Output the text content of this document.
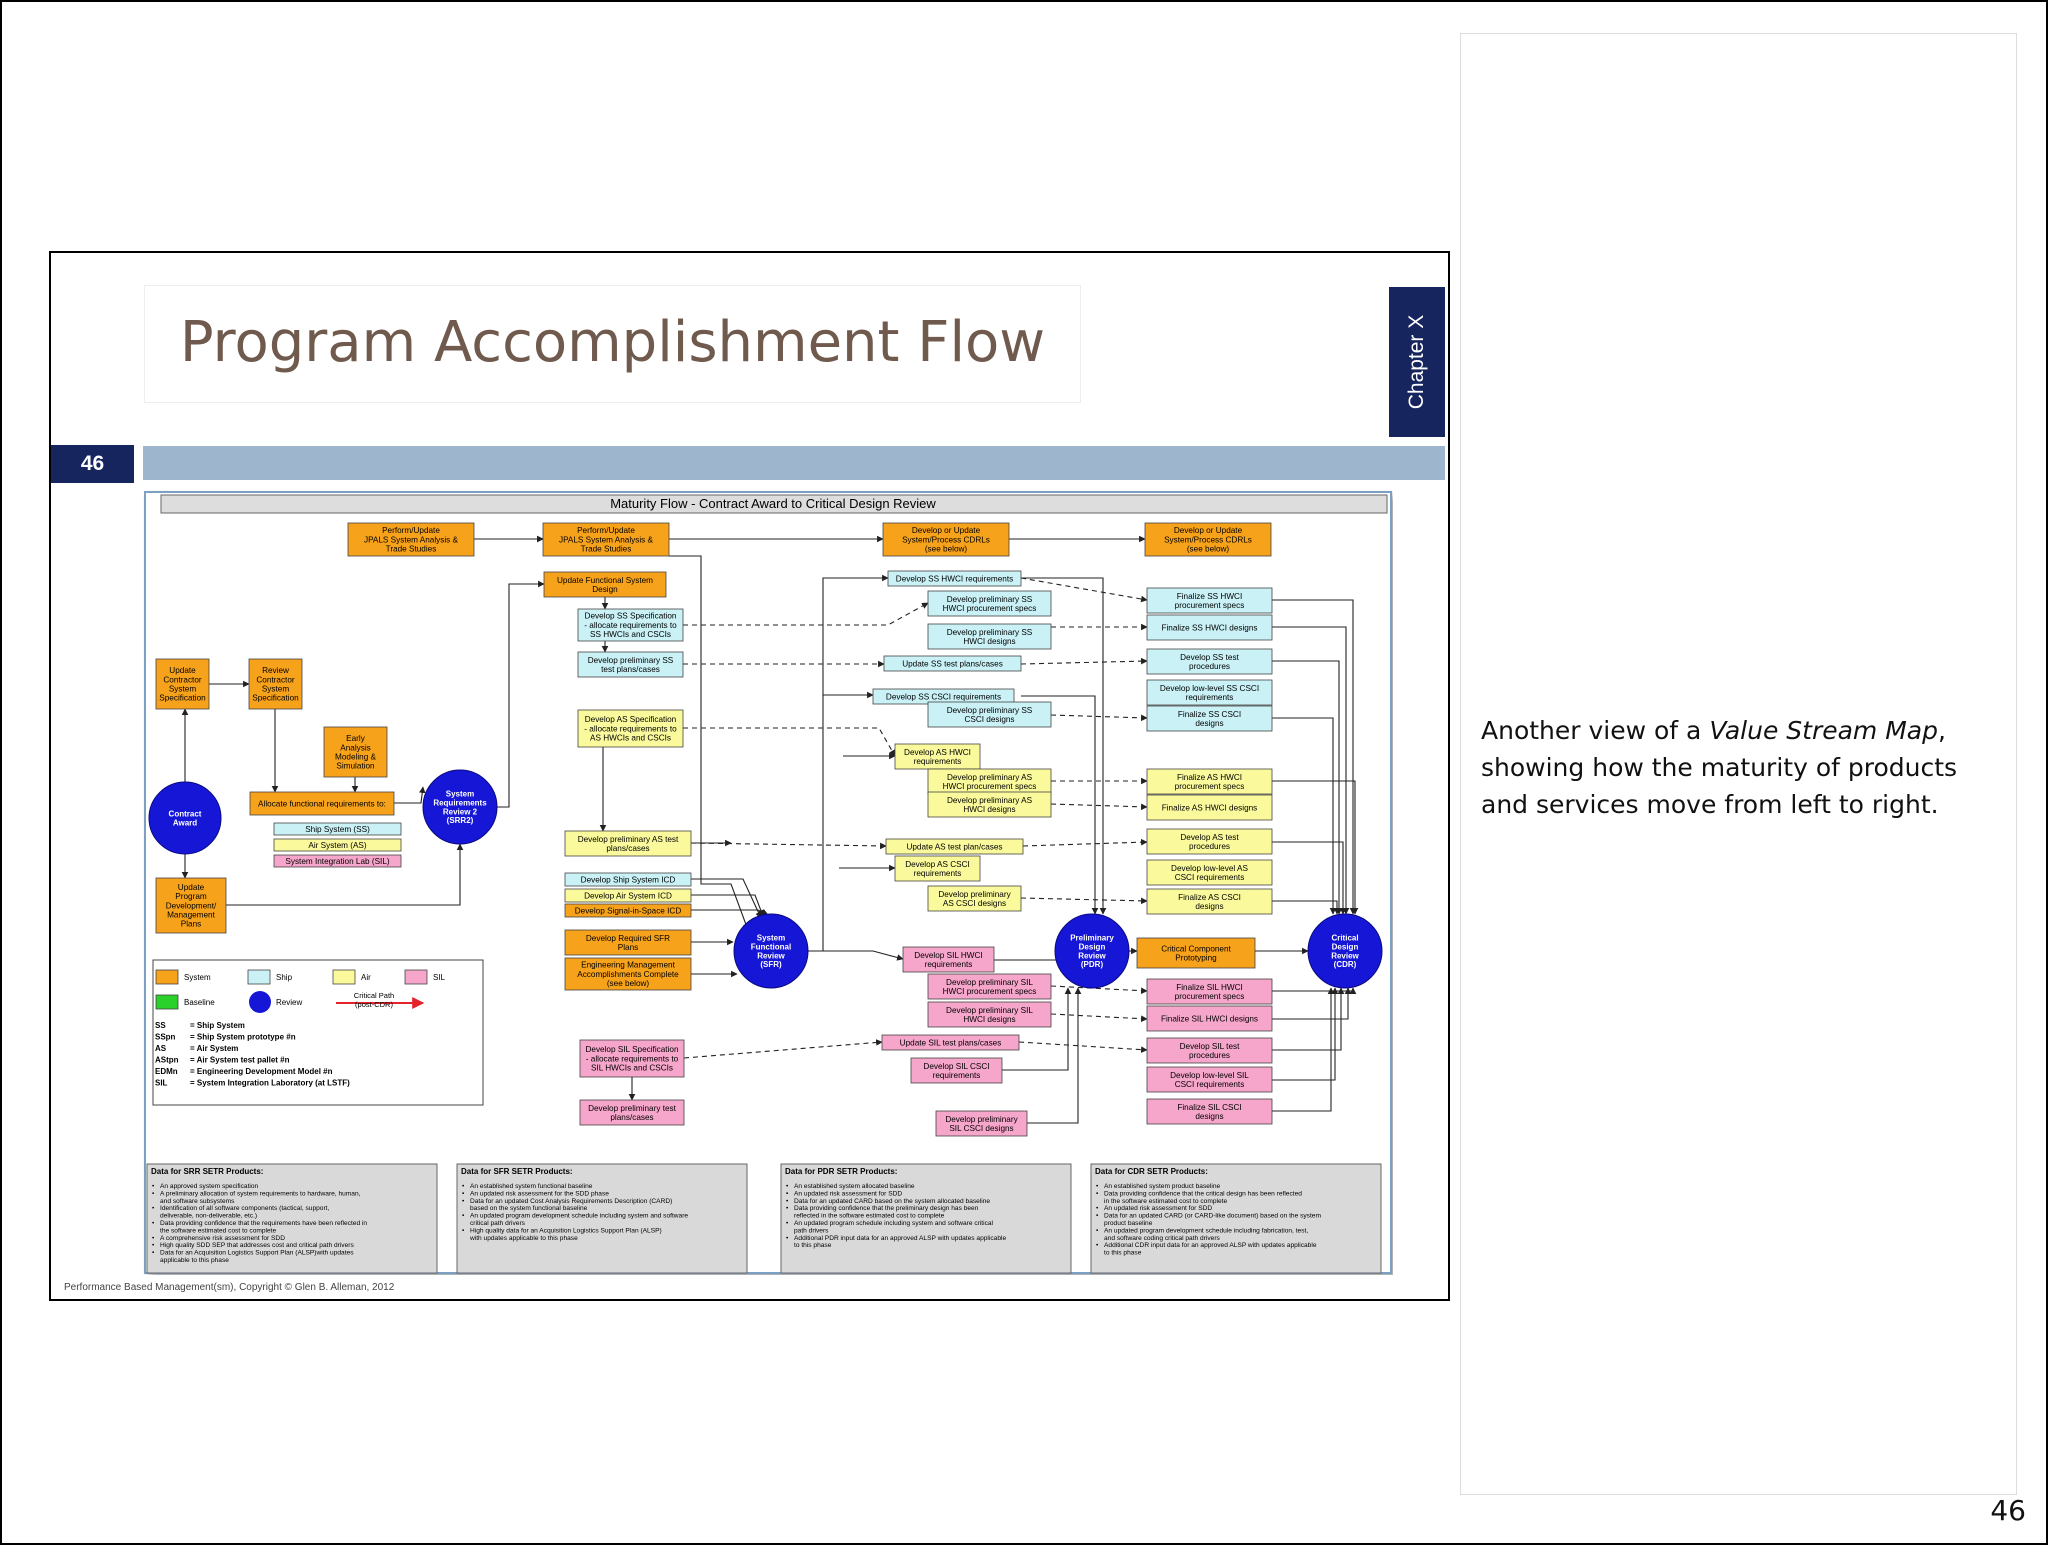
Program Accomplishment Flow	Chapter X
46
Maturity Flow - Contract Award to Critical Design Review
Update
Contractor
System
Specification
Review
Contractor
System
Specification
Early
Analysis
Modeling &
Simulation
Allocate functional requirements to:
Ship System (SS)
Air System (AS)
System Integration Lab (SIL)
Update
Program
Development/
Management
Plans
Perform/Update
JPALS System Analysis &
Trade Studies
Perform/Update
JPALS System Analysis &
Trade Studies
Update Functional System
Design
Develop SS Specification
- allocate requirements to
SS HWCIs and CSCIs
Develop preliminary SS
test plans/cases
Develop AS Specification
- allocate requirements to
AS HWCIs and CSCIs
Develop preliminary AS test
plans/cases
Develop Ship System ICD
Develop Air System ICD
Develop Signal-in-Space ICD
Develop Required SFR
Plans
Engineering Management
Accomplishments Complete
(see below)
Develop SIL Specification
- allocate requirements to
SIL HWCIs and CSCIs
Develop preliminary test
plans/cases
Develop or Update
System/Process CDRLs
(see below)
Develop SS HWCI requirements
Develop preliminary SS
HWCI procurement specs
Develop preliminary SS
HWCI designs
Update SS test plans/cases
Develop SS CSCI requirements
Develop preliminary SS
CSCI designs
Develop AS HWCI
requirements
Develop preliminary AS
HWCI procurement specs
Develop preliminary AS
HWCI designs
Update AS test plan/cases
Develop AS CSCI
requirements
Develop preliminary
AS CSCI designs
Develop SIL HWCI
requirements
Develop preliminary SIL
HWCI procurement specs
Develop preliminary SIL
HWCI designs
Update SIL test plans/cases
Develop SIL CSCI
requirements
Develop preliminary
SIL CSCI designs
Develop or Update
System/Process CDRLs
(see below)
Finalize SS HWCI
procurement specs
Finalize SS HWCI designs
Develop SS test
procedures
Develop low-level SS CSCI
requirements
Finalize SS CSCI
designs
Finalize AS HWCI
procurement specs
Finalize AS HWCI designs
Develop AS test
procedures
Develop low-level AS
CSCI requirements
Finalize AS CSCI
designs
Critical Component
Prototyping
Finalize SIL HWCI
procurement specs
Finalize SIL HWCI designs
Develop SIL test
procedures
Develop low-level SIL
CSCI requirements
Finalize SIL CSCI
designs
Contract
Award
System
Requirements
Review 2
(SRR2)
System
Functional
Review
(SFR)
Preliminary
Design
Review
(PDR)
Critical
Design
Review
(CDR)
System	Ship	Air	SIL
Baseline	Review
Critical Path
(post-CDR)
SS	= Ship System
SSpn = Ship System prototype #n
AS	= Air System
AStpn = Air System test pallet #n
EDMn = Engineering Development Model #n
SIL	= System Integration Laboratory (at LSTF)
Data for SRR SETR Products:
• An approved system specification
• A preliminary allocation of system requirements to hardware, human,
and software subsystems
• Identification of all software components (tactical, support,
deliverable, non-deliverable, etc.)
• Data providing confidence that the requirements have been reflected in
the software estimated cost to complete
• A comprehensive risk assessment for SDD
• High quality SDD SEP that addresses cost and critical path drivers
• Data for an Acquisition Logistics Support Plan (ALSP)with updates
applicable to this phase
Data for SFR SETR Products:
• An established system functional baseline
• An updated risk assessment for the SDD phase
• Data for an updated Cost Analysis Requirements Description (CARD)
based on the system functional baseline
• An updated program development schedule including system and software
critical path drivers
• High quality data for an Acquisition Logistics Support Plan (ALSP)
with updates applicable to this phase
Data for PDR SETR Products:
• An established system allocated baseline
• An updated risk assessment for SDD
• Data for an updated CARD based on the system allocated baseline
• Data providing confidence that the preliminary design has been
reflected in the software estimated cost to complete
• An updated program schedule including system and software critical
path drivers
• Additional PDR input data for an approved ALSP with updates applicable
to this phase
Data for CDR SETR Products:
• An established system product baseline
• Data providing confidence that the critical design has been reflected
in the software estimated cost to complete
• An updated risk assessment for SDD
• Data for an updated CARD (or CARD-like document) based on the system
product baseline
• An updated program development schedule including fabrication, test,
and software coding critical path drivers
• Additional CDR input data for an approved ALSP with updates applicable
to this phase
Performance Based Management(sm), Copyright © Glen B. Alleman, 2012
Another view of a Value Stream Map, showing how the maturity of products and services move from left to right.
46
